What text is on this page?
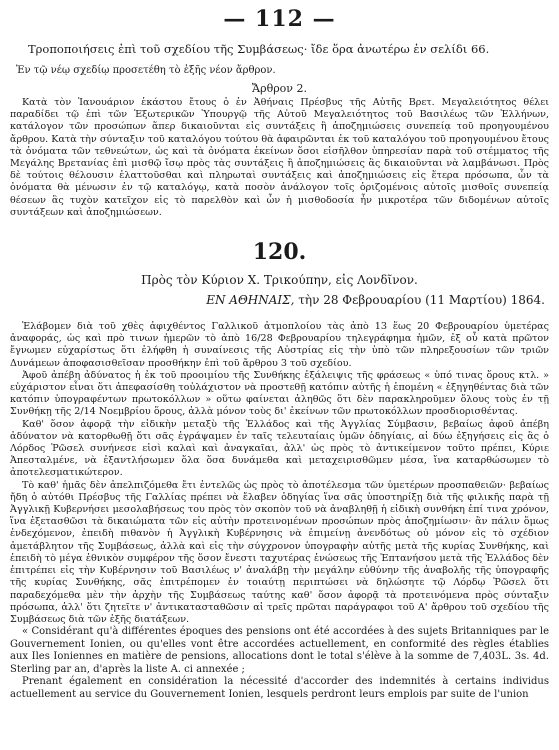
— 112 —

Τροποποιήσεις ἐπὶ τοῦ σχεδίου τῆς Συμβάσεως· ἴδε ὅρα ἀνωτέρω ἐν σελίδι 66.

Ἐν τῷ νέῳ σχεδίῳ προσετέθη τὸ ἑξῆς νέον ἄρθρον.

Ἄρθρον 2.

Κατὰ τὸν Ἰανουάριον ἑκάστου ἔτους ὁ ἐν Ἀθήναις Πρέσβυς τῆς Αὐτῆς Βρετ. Μεγαλειότητος θέλει παραδίδει τῷ ἐπὶ τῶν Ἐξωτερικῶν Ὑπουργῷ τῆς Αὐτοῦ Μεγαλειότητος τοῦ Βασιλέως τῶν Ἑλλήνων, κατάλογον τῶν προσώπων ἅπερ δικαιοῦνται εἰς συντάξεις ἢ ἀποζημιώσεις συνεπείᾳ τοῦ προηγουμένου ἄρθρου. Κατὰ τὴν σύνταξιν τοῦ καταλόγου τούτου θὰ ἀφαιρῶνται ἐκ τοῦ καταλόγου τοῦ προηγουμένου ἔτους τὰ ὀνόματα τῶν τεθνεώτων, ὡς καὶ τὰ ὀνόματα ἐκείνων ὅσοι εἰσῆλθον ὑπηρεσίαν παρὰ τοῦ στέμματος τῆς Μεγάλης Βρετανίας ἐπὶ μισθῷ ἴσῳ πρὸς τὰς συντάξεις ἢ ἀποζημιώσεις ἃς δικαιοῦνται νὰ λαμβάνωσι. Πρὸς δὲ τούτοις θέλουσιν ἐλαττοῦσθαι καὶ πληρωταὶ συντάξεις καὶ ἀποζημιώσεις εἰς ἕτερα πρόσωπα, ὧν τὰ ὀνόματα θὰ μένωσιν ἐν τῷ καταλόγῳ, κατὰ ποσὸν ἀνάλογον τοῖς ὁριζομένοις αὐτοῖς μισθοῖς συνεπείᾳ θέσεων ἃς τυχὸν κατεῖχον εἰς τὸ παρελθὸν καὶ ὧν ἡ μισθοδοσία ἦν μικροτέρα τῶν διδομένων αὐτοῖς συντάξεων καὶ ἀποζημιώσεων.

120.
Πρὸς τὸν Κύριον Χ. Τρικούπην, εἰς Λονδῖνον.
ΕΝ ΑΘΗΝΑΙΣ, τὴν 28 Φεβρουαρίου (11 Μαρτίου) 1864.

Ἐλάβομεν διὰ τοῦ χθὲς ἀφιχθέντος Γαλλικοῦ ἀτμοπλοίου τὰς ἀπὸ 13 ἕως 20 Φεβρουαρίου ὑμετέρας ἀναφοράς, ὡς καὶ πρὸ τινων ἡμερῶν τὸ ἀπὸ 16/28 Φεβρουαρίου τηλεγράφημα ἡμῶν, ἐξ οὗ κατὰ πρῶτον ἔγνωμεν εὐχαρίστως ὅτι ἐλήφθη ἡ συναίνεσις τῆς Αὐστρίας εἰς τὴν ὑπὸ τῶν πληρεξουσίων τῶν τριῶν Δυνάμεων ἀποφασισθεῖσαν προσθήκην ἐπὶ τοῦ ἄρθρου 3 τοῦ σχεδίου.

Ἀφοῦ ἀπέβη ἀδύνατος ἡ ἐκ τοῦ προοιμίου τῆς Συνθήκης ἐξάλειψις τῆς φράσεως « ὑπό τινας ὅρους κτλ. » εὐχάριστον εἶναι ὅτι ἀπεφασίσθη τοὐλάχιστον νὰ προστεθῇ κατόπιν αὐτῆς ἡ ἑπομένη « ἐξηγηθέντας διὰ τῶν κατόπιν ὑπογραφέντων πρωτοκόλλων » οὕτω φαίνεται ἀληθῶς ὅτι δὲν παρακληροῦμεν ὅλους τοὺς ἐν τῇ Συνθήκῃ τῆς 2/14 Νοεμβρίου ὅρους, ἀλλὰ μόνον τοὺς δι' ἐκείνων τῶν πρωτοκόλλων προσδιορισθέντας.

Καθ' ὅσον ἀφορᾷ τὴν εἰδικὴν μεταξὺ τῆς Ἑλλάδος καὶ τῆς Ἀγγλίας Σύμβασιν, βεβαίως ἀφοῦ ἀπέβη ἀδύνατον νὰ κατορθωθῇ ὅτι σᾶς ἐγράψαμεν ἐν ταῖς τελευταίαις ὑμῶν ὁδηγίαις, αἱ δύω ἐξηγήσεις εἰς ἃς ὁ Λόρδος Ῥῶσελ συνήνεσε εἰσὶ καλαὶ καὶ ἀναγκαῖαι, ἀλλ' ὡς πρὸς τὸ ἀντικείμενον τοῦτο πρέπει, Κύριε Ἀπεσταλμένε, νὰ ἐξαντλήσωμεν ὅλα ὅσα δυνάμεθα καὶ μεταχειρισθῶμεν μέσα, ἵνα καταρθώσωμεν τὸ ἀποτελεσματικώτερον.

Τὸ καθ' ἡμᾶς δὲν ἀπελπιζόμεθα ἔτι ἐντελῶς ὡς πρὸς τὸ ἀποτέλεσμα τῶν ὑμετέρων προσπαθειῶν· βεβαίως ἤδη ὁ αὐτόθι Πρέσβυς τῆς Γαλλίας πρέπει νὰ ἔλαβεν ὁδηγίας ἵνα σᾶς ὑποστηρίξῃ διὰ τῆς φιλικῆς παρὰ τῇ Ἀγγλικῇ Κυβερνήσει μεσολαβήσεως του πρὸς τὸν σκοπὸν τοῦ νὰ ἀναβληθῇ ἡ εἰδικὴ συνθήκη ἐπί τινα χρόνον, ἵνα ἐξετασθῶσι τὰ δικαιώματα τῶν εἰς αὐτὴν προτεινομένων προσώπων πρὸς ἀποζημίωσιν· ἂν πάλιν ὅμως ἐνδεχόμενον, ἐπειδὴ πιθανὸν ἡ Ἀγγλικὴ Κυβέρνησις νὰ ἐπιμείνῃ ἀνενδότως οὐ μόνον εἰς τὸ σχέδιον ἀμετάβλητον τῆς Συμβάσεως, ἀλλὰ καὶ εἰς τὴν σύγχρονον ὑπογραφὴν αὐτῆς μετὰ τῆς κυρίας Συνθήκης, καὶ ἐπειδὴ τὸ μέγα ἐθνικὸν συμφέρον τῆς ὅσον ἔνεστι ταχυτέρας ἑνώσεως τῆς Ἑπτανήσου μετὰ τῆς Ἑλλάδος δὲν ἐπιτρέπει εἰς τὴν Κυβέρνησιν τοῦ Βασιλέως ν' ἀναλάβῃ τὴν μεγάλην εὐθύνην τῆς ἀναβολῆς τῆς ὑπογραφῆς τῆς κυρίας Συνθήκης, σᾶς ἐπιτρέπομεν ἐν τοιαύτῃ περιπτώσει νὰ δηλώσητε τῷ Λόρδῳ Ῥῶσελ ὅτι παραδεχόμεθα μὲν τὴν ἀρχὴν τῆς Συμβάσεως ταύτης καθ' ὅσον ἀφορᾷ τὰ προτεινόμενα πρὸς σύνταξιν πρόσωπα, ἀλλ' ὅτι ζητεῖτε ν' ἀντικατασταθῶσιν αἱ τρεῖς πρῶται παράγραφοι τοῦ Α' ἄρθρου τοῦ σχεδίου τῆς Συμβάσεως διὰ τῶν ἑξῆς διατάξεων.

« Considérant qu'à différentes époques des pensions ont été accordées à des sujets Britanniques par le Gouvernement Ionien, ou qu'elles vont être accordées actuellement, en conformité des règles établies aux Iles Ioniennes en matière de pensions, allocations dont le total s'élève à la somme de 7,403L. 3s. 4d. Sterling par an, d'après la liste A. ci annexée ;

Prenant également en considération la nécessité d'accorder des indemnités à certains individus actuellement au service du Gouvernement Ionien, lesquels perdront leurs emplois par suite de l'union
